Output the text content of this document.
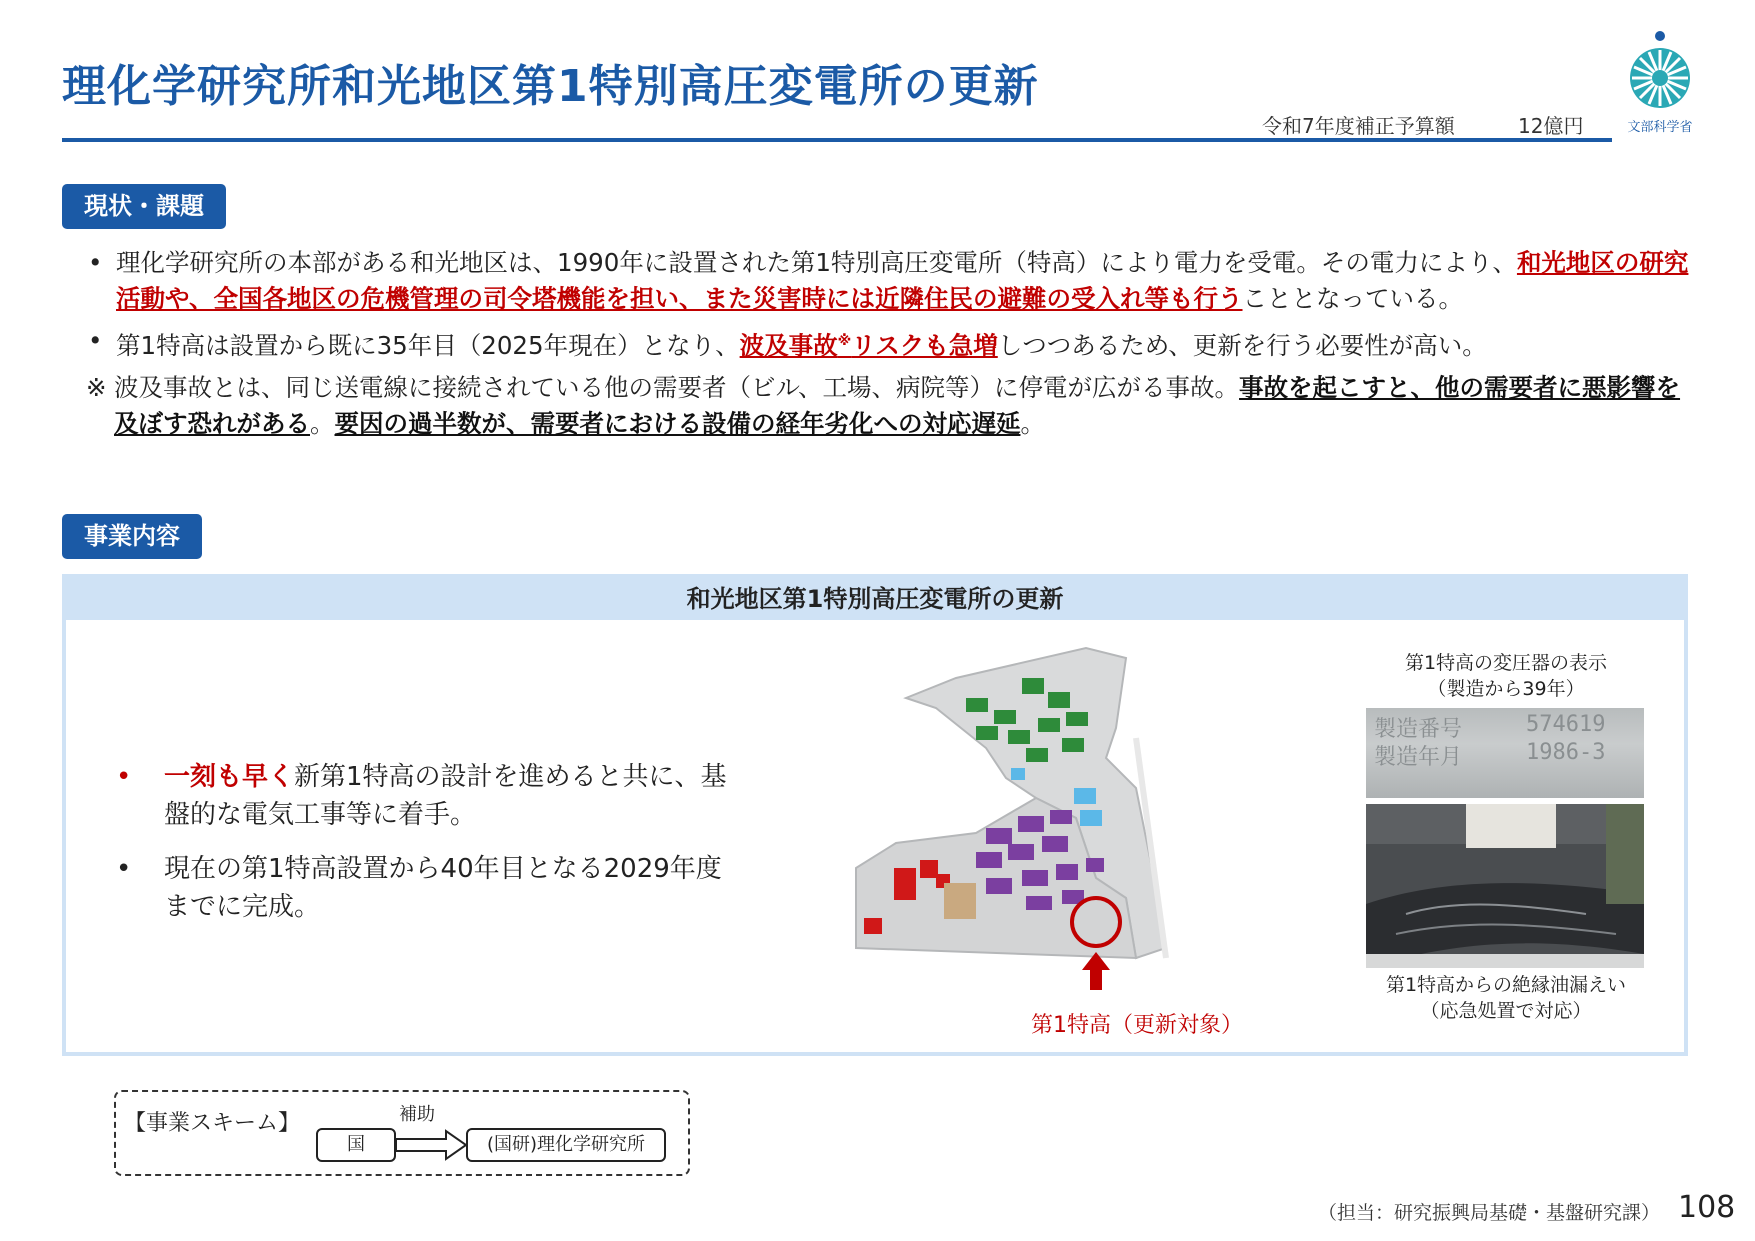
理化学研究所和光地区第1特別高圧変電所の更新
令和7年度補正予算額	12億円	文部科学省
現状・課題
• 理化学研究所の本部がある和光地区は、1990年に設置された第1特別高圧変電所（特高）により電力を受電。その電力により、和光地区の研究活動や、全国各地区の危機管理の司令塔機能を担い、また災害時には近隣住民の避難の受入れ等も行うこととなっている。
• 第1特高は設置から既に35年目（2025年現在）となり、波及事故※リスクも急増しつつあるため、更新を行う必要性が高い。
※ 波及事故とは、同じ送電線に接続されている他の需要者（ビル、工場、病院等）に停電が広がる事故。事故を起こすと、他の需要者に悪影響を及ぼす恐れがある。要因の過半数が、需要者における設備の経年劣化への対応遅延。
事業内容
和光地区第1特別高圧変電所の更新
• 一刻も早く新第1特高の設計を進めると共に、基盤的な電気工事等に着手。
• 現在の第1特高設置から40年目となる2029年度までに完成。
第1特高（更新対象）
第1特高の変圧器の表示
（製造から39年）
製造番号	574619
製造年月	1986-3
第1特高からの絶縁油漏えい
（応急処置で対応）
【事業スキーム】	補助
国	(国研)理化学研究所
（担当：研究振興局基礎・基盤研究課） 108
